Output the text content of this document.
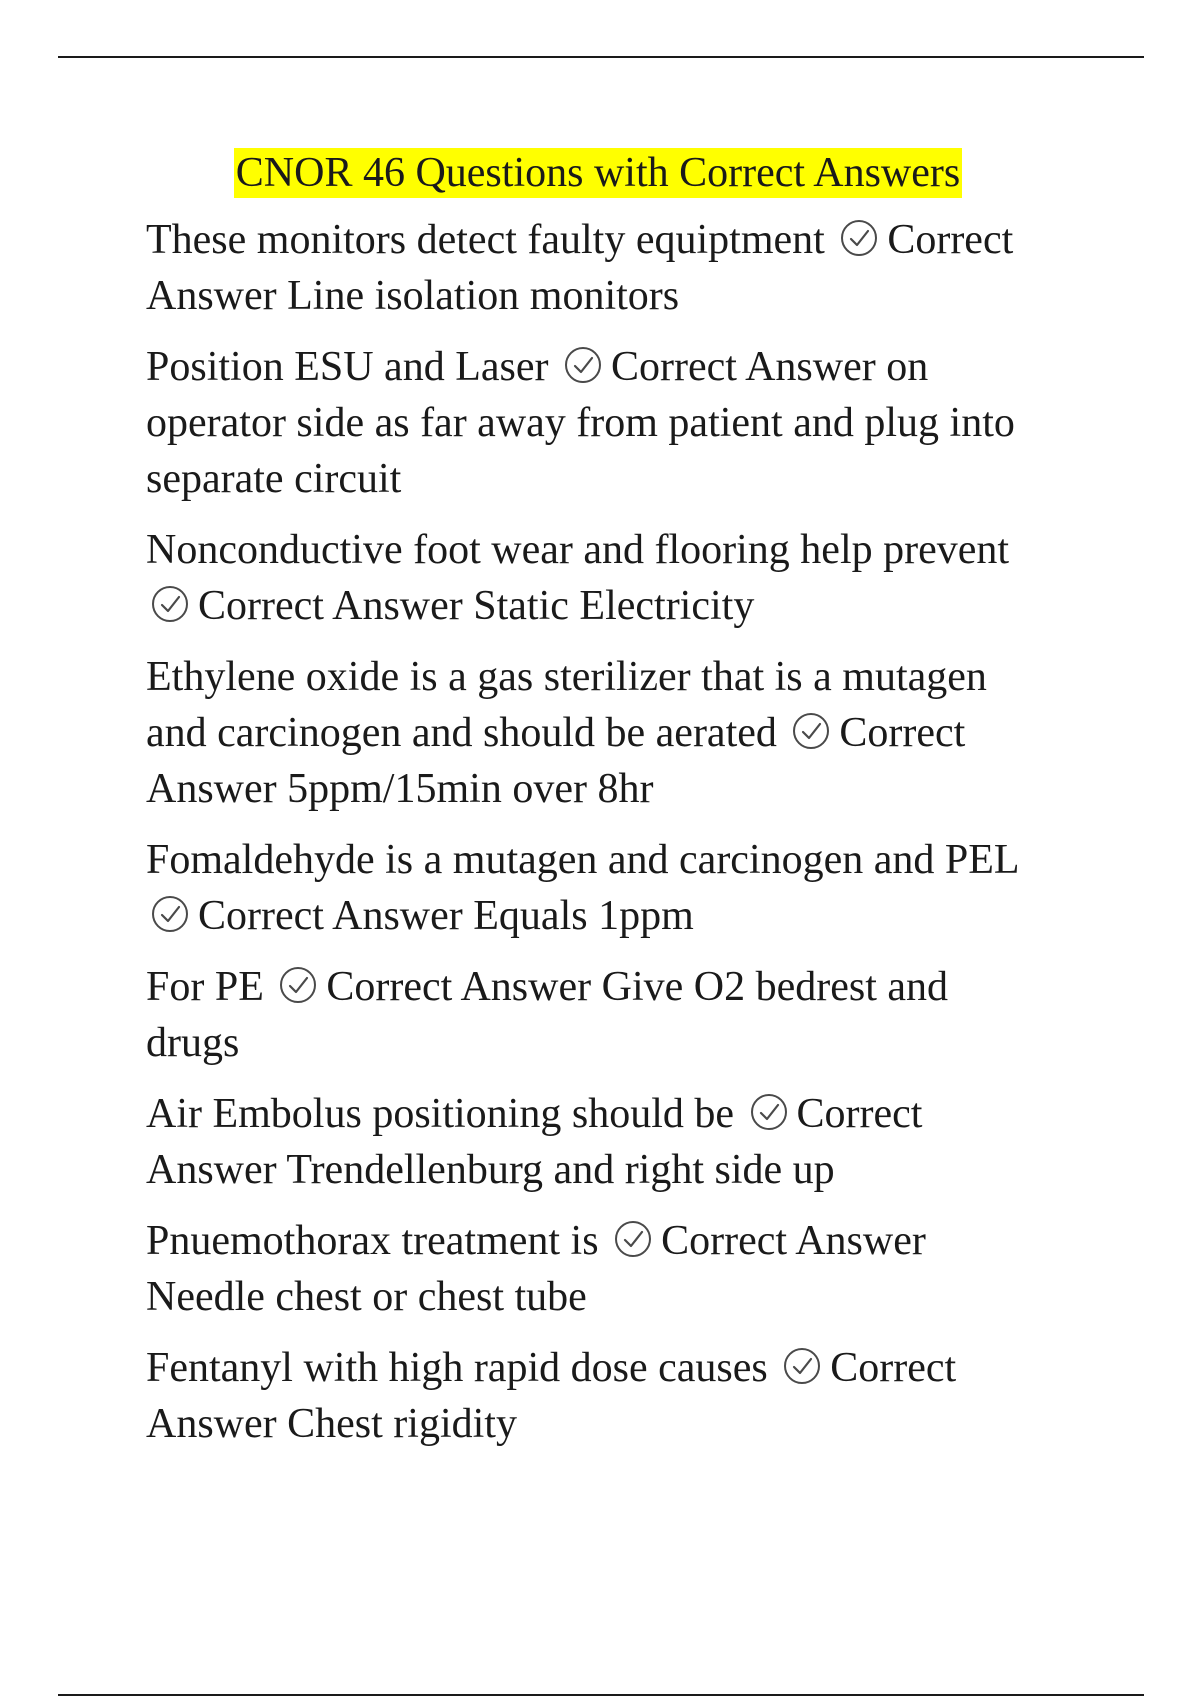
CNOR 46 Questions with Correct Answers

These monitors detect faulty equiptment Correct Answer Line isolation monitors

Position ESU and Laser Correct Answer on operator side as far away from patient and plug into separate circuit

Nonconductive foot wear and flooring help prevent
Correct Answer Static Electricity

Ethylene oxide is a gas sterilizer that is a mutagen and carcinogen and should be aerated Correct Answer 5ppm/15min over 8hr

Fomaldehyde is a mutagen and carcinogen and PEL
Correct Answer Equals 1ppm

For PE Correct Answer Give O2 bedrest and drugs

Air Embolus positioning should be Correct Answer Trendellenburg and right side up

Pnuemothorax treatment is Correct Answer Needle chest or chest tube

Fentanyl with high rapid dose causes Correct Answer Chest rigidity
